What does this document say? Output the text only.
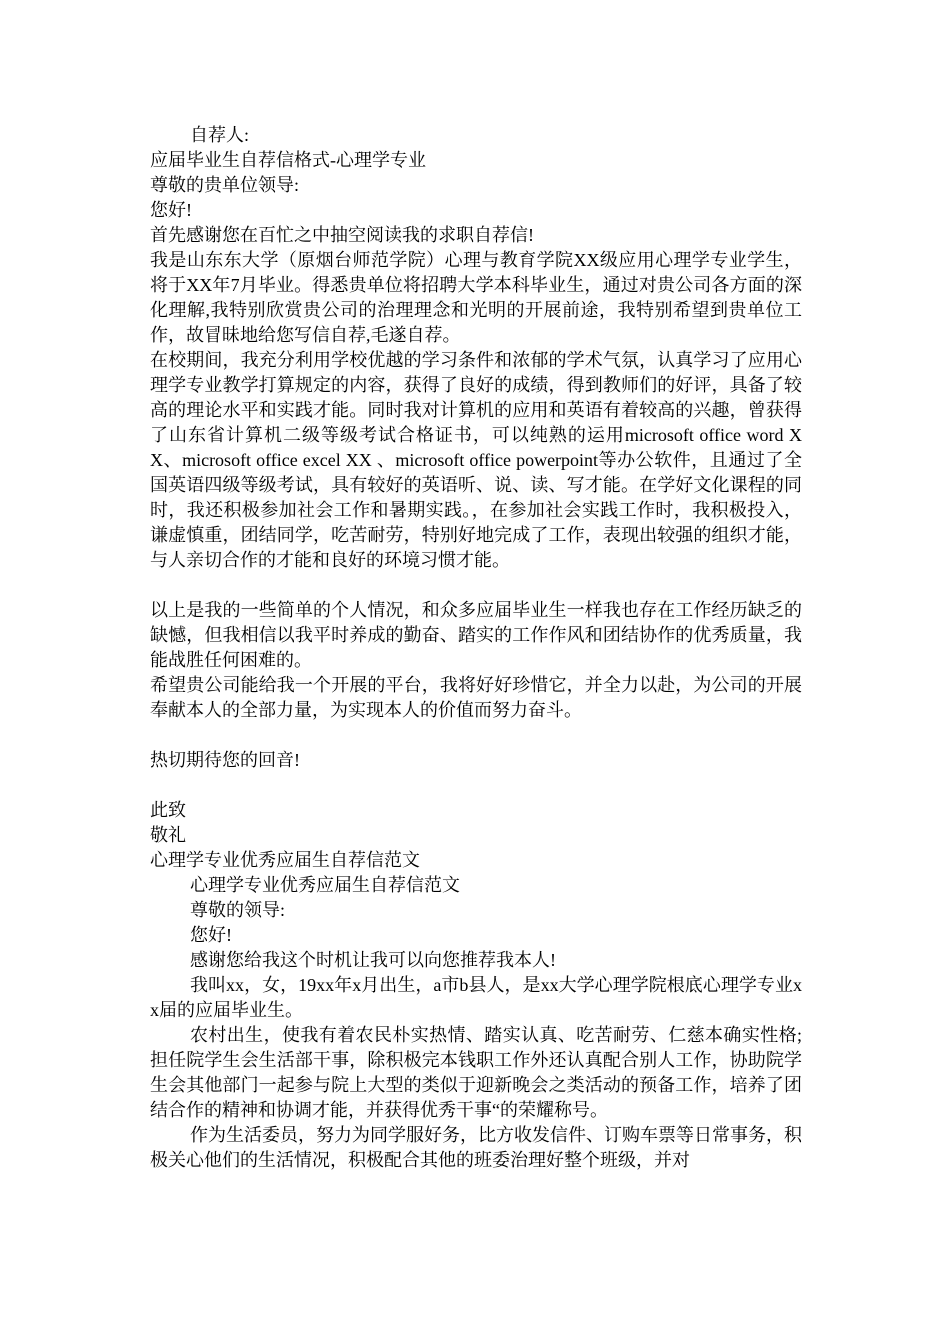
自荐人:

应届毕业生自荐信格式-心理学专业

尊敬的贵单位领导:

您好!

首先感谢您在百忙之中抽空阅读我的求职自荐信!

我是山东东大学（原烟台师范学院）心理与教育学院XX级应用心理学专业学生，将于XX年7月毕业。得悉贵单位将招聘大学本科毕业生，通过对贵公司各方面的深化理解,我特别欣赏贵公司的治理理念和光明的开展前途，我特别希望到贵单位工作，故冒昧地给您写信自荐,毛遂自荐。

在校期间，我充分利用学校优越的学习条件和浓郁的学术气氛，认真学习了应用心理学专业教学打算规定的内容，获得了良好的成绩，得到教师们的好评，具备了较高的理论水平和实践才能。同时我对计算机的应用和英语有着较高的兴趣，曾获得了山东省计算机二级等级考试合格证书，可以纯熟的运用microsoft office word XX、microsoft office excel XX 、microsoft office powerpoint等办公软件，且通过了全国英语四级等级考试，具有较好的英语听、说、读、写才能。在学好文化课程的同时，我还积极参加社会工作和暑期实践。，在参加社会实践工作时，我积极投入，谦虚慎重，团结同学，吃苦耐劳，特别好地完成了工作，表现出较强的组织才能，与人亲切合作的才能和良好的环境习惯才能。

以上是我的一些简单的个人情况，和众多应届毕业生一样我也存在工作经历缺乏的缺憾，但我相信以我平时养成的勤奋、踏实的工作作风和团结协作的优秀质量，我能战胜任何困难的。

希望贵公司能给我一个开展的平台，我将好好珍惜它，并全力以赴，为公司的开展奉献本人的全部力量，为实现本人的价值而努力奋斗。

热切期待您的回音!

此致

敬礼

心理学专业优秀应届生自荐信范文

心理学专业优秀应届生自荐信范文

尊敬的领导:

您好!

感谢您给我这个时机让我可以向您推荐我本人!

我叫xx，女，19xx年x月出生，a市b县人，是xx大学心理学院根底心理学专业xx届的应届毕业生。

农村出生，使我有着农民朴实热情、踏实认真、吃苦耐劳、仁慈本确实性格;担任院学生会生活部干事，除积极完本钱职工作外还认真配合别人工作，协助院学生会其他部门一起参与院上大型的类似于迎新晚会之类活动的预备工作，培养了团结合作的精神和协调才能，并获得优秀干事“的荣耀称号。

作为生活委员，努力为同学服好务，比方收发信件、订购车票等日常事务，积极关心他们的生活情况，积极配合其他的班委治理好整个班级，并对
